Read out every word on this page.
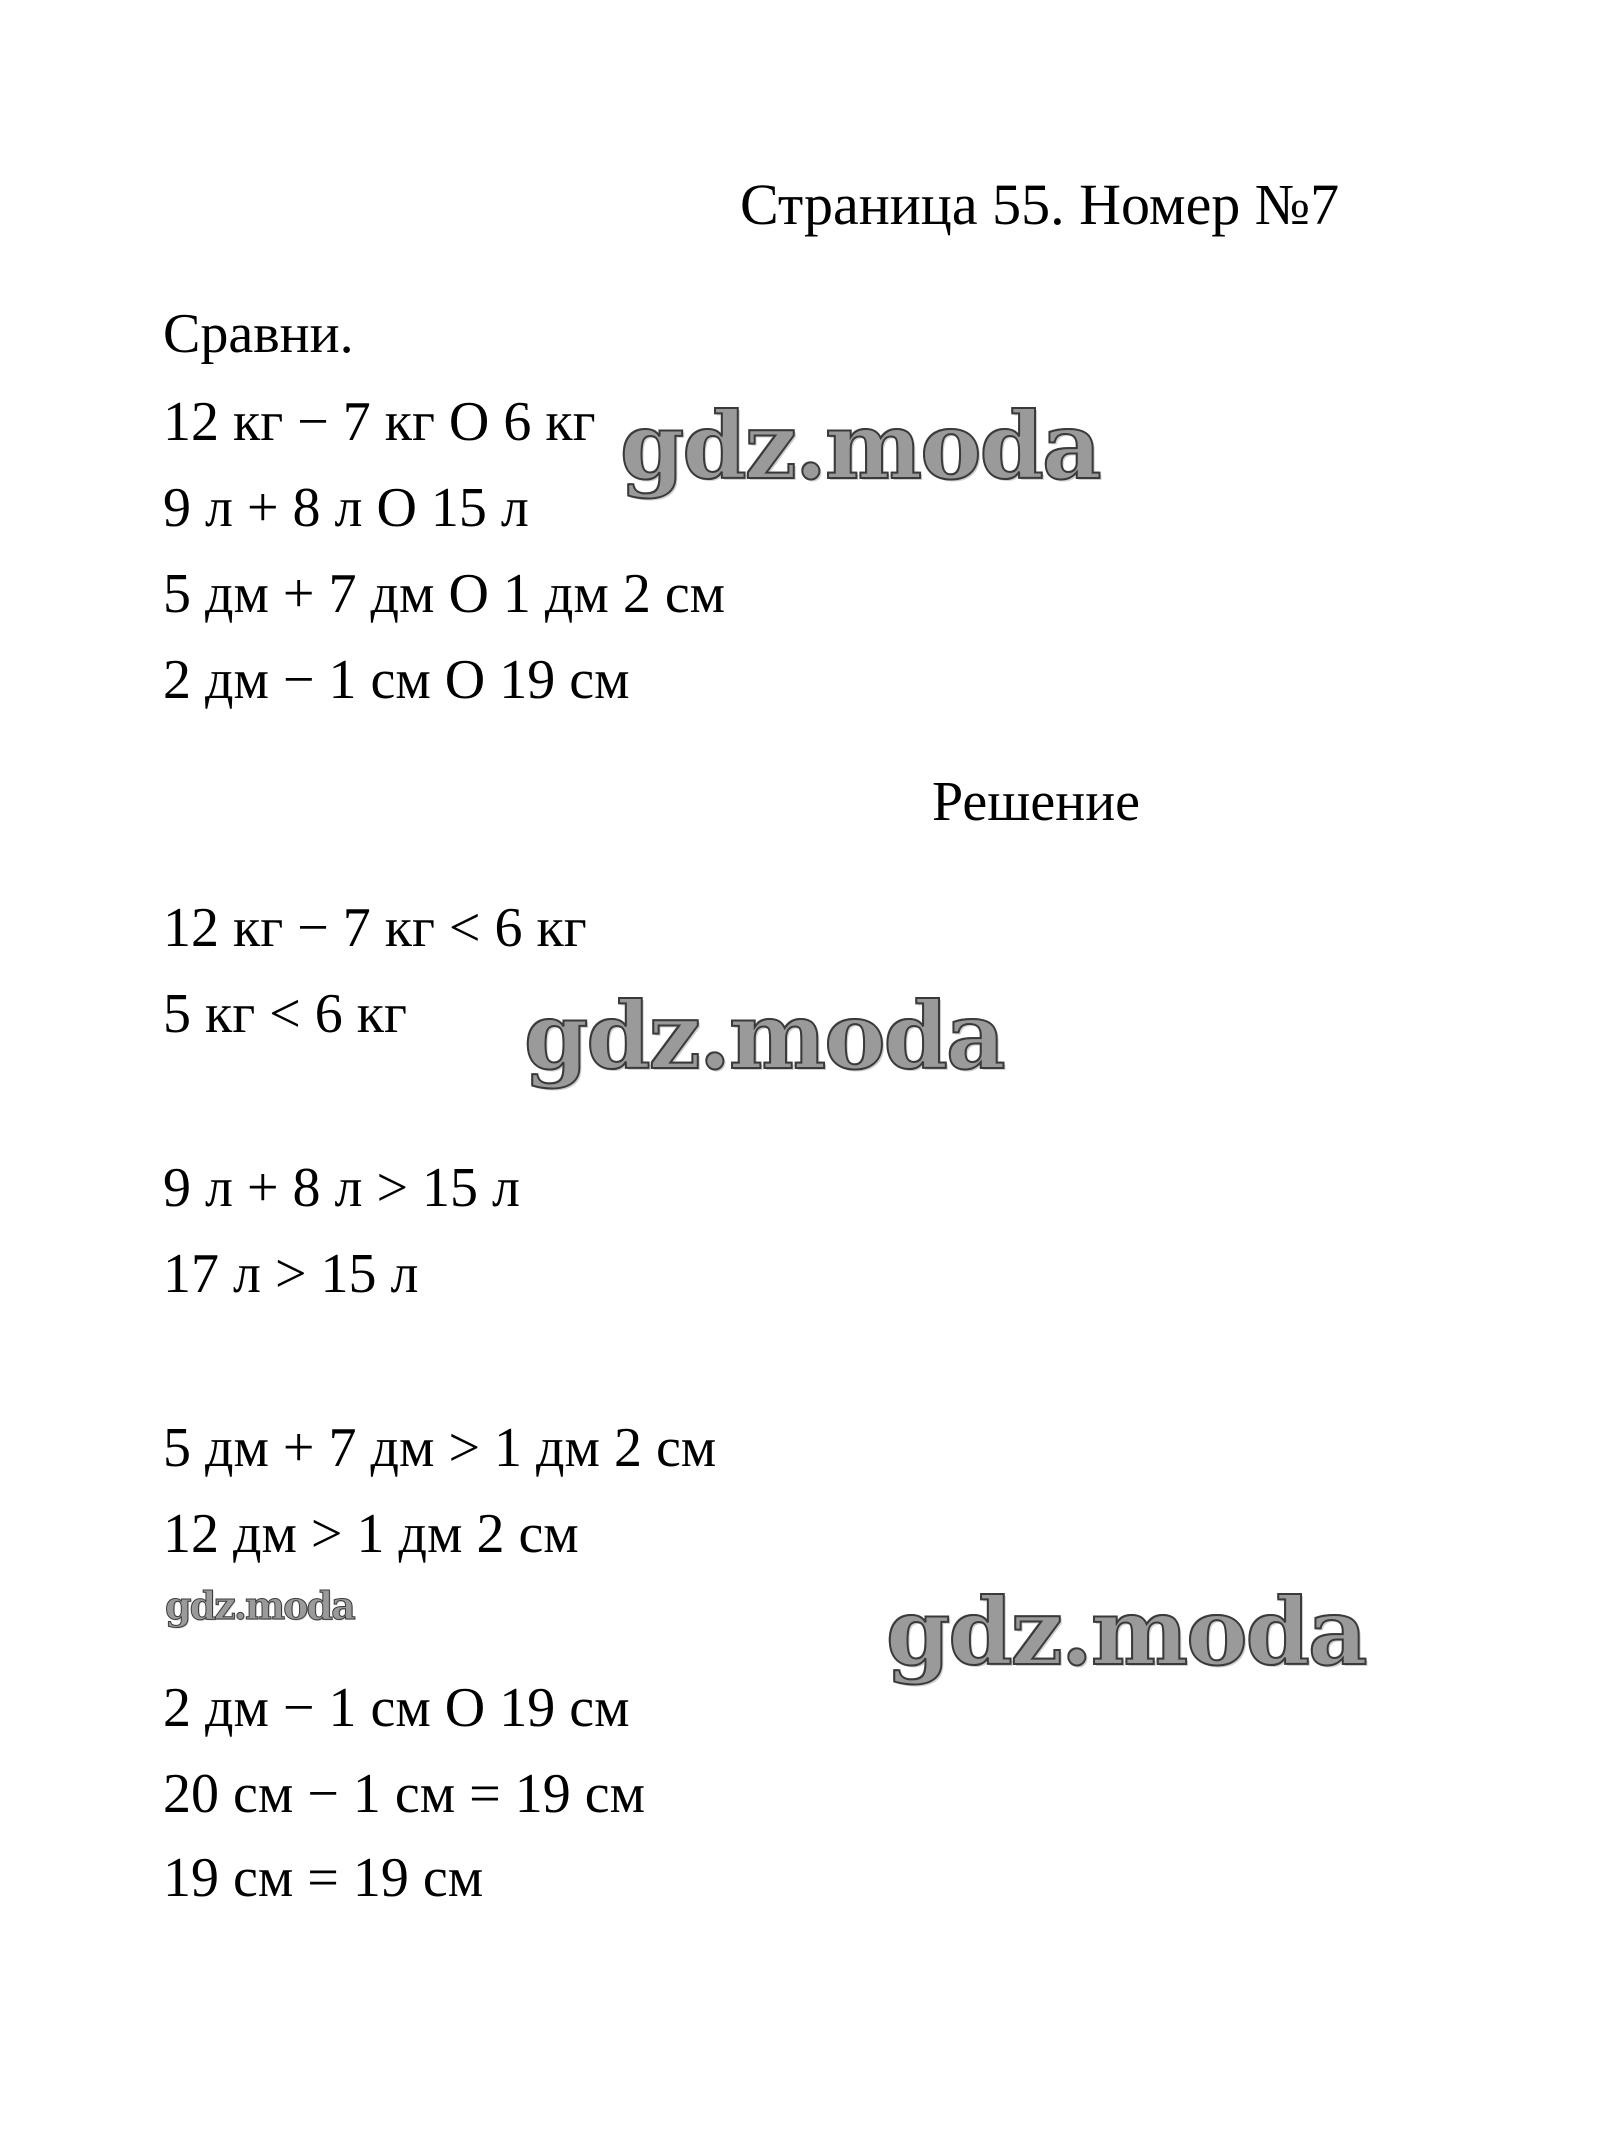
Страница 55. Номер №7
Сравни.
12 кг − 7 кг O 6 кг
9 л + 8 л O 15 л
5 дм + 7 дм O 1 дм 2 см
2 дм − 1 см O 19 см
Решение
12 кг − 7 кг < 6 кг
5 кг < 6 кг
9 л + 8 л > 15 л
17 л > 15 л
5 дм + 7 дм > 1 дм 2 см
12 дм > 1 дм 2 см
2 дм − 1 см O 19 см
20 см − 1 см = 19 см
19 см = 19 см
gdz.moda
gdz.moda
gdz.moda	gdz.moda
